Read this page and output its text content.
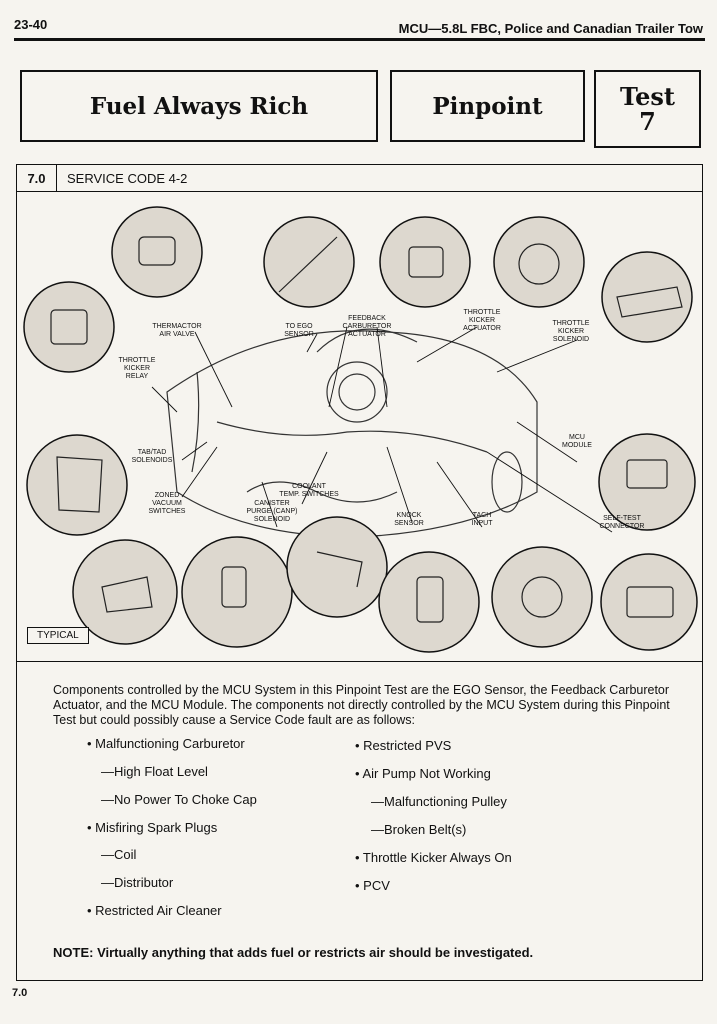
23-40	MCU—5.8L FBC, Police and Canadian Trailer Tow
Fuel Always Rich	Pinpoint	Test
7
7.0	SERVICE CODE 4-2
THERMACTOR AIR VALVE
TO EGO SENSOR
FEEDBACK CARBURETOR ACTUATOR
THROTTLE KICKER ACTUATOR
THROTTLE KICKER SOLENOID
THROTTLE KICKER RELAY
TAB/TAD SOLENOIDS
ZONED VACUUM SWITCHES
COOLANT TEMP. SWITCHES
CANISTER PURGE (CANP) SOLENOID
KNOCK SENSOR
TACH INPUT
MCU MODULE
SELF-TEST CONNECTOR
TYPICAL
Components controlled by the MCU System in this Pinpoint Test are the EGO Sensor, the Feedback Carburetor Actuator, and the MCU Module. The components not directly controlled by the MCU System during this Pinpoint Test but could possibly cause a Service Code fault are as follows:
• Malfunctioning Carburetor
—High Float Level
—No Power To Choke Cap
• Misfiring Spark Plugs
—Coil
—Distributor
• Restricted Air Cleaner
• Restricted PVS
• Air Pump Not Working
—Malfunctioning Pulley
—Broken Belt(s)
• Throttle Kicker Always On
• PCV
NOTE: Virtually anything that adds fuel or restricts air should be investigated.
7.0
